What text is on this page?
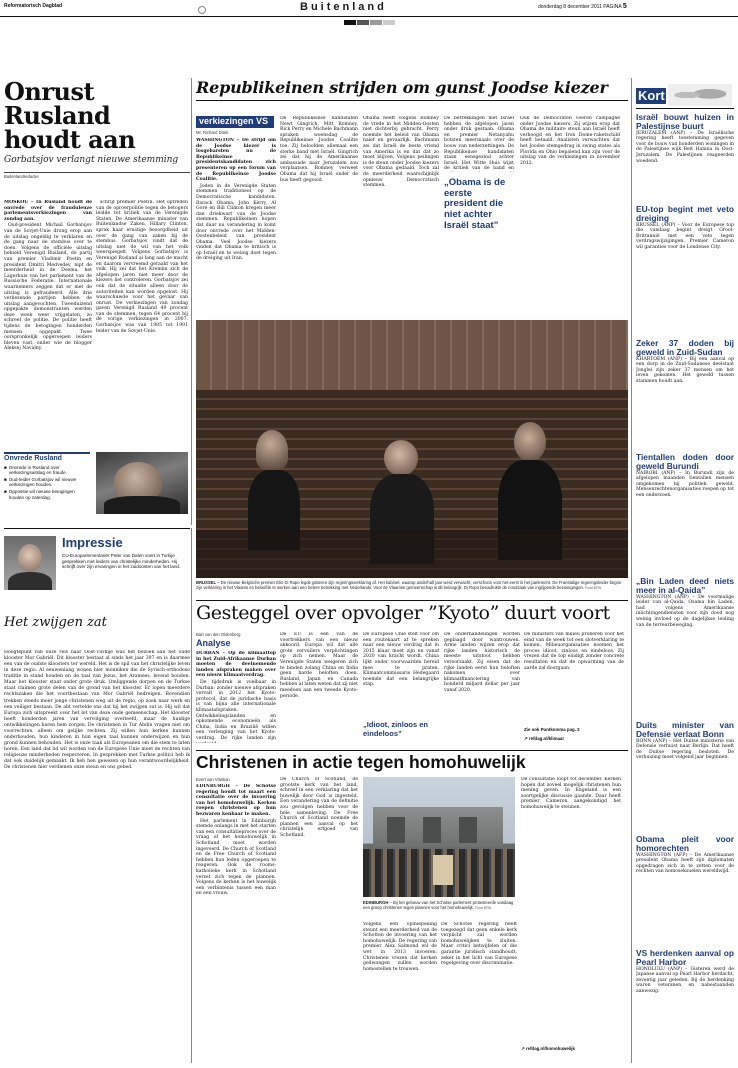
Reformatorisch Dagblad	Buitenland	donderdag 8 december 2011 PAGINA 5
Onrust Rusland houdt aan
Gorbatsjov verlangt nieuwe stemming
Buitenlandredactie

MOSKOU – In Rusland houdt de onvrede over de frauduleuze parlementsverkiezingen van zondag aan.

Oud-president Michail Gorbatsjov van de Sovjet-Unie drong erop aan de uitslag ongeldig te verklaren en de gang naar de stembus over te doen. Volgens de officiële uitslag behield Verenigd Rusland, de partij van premier Vladimir Poetin en president Dmitri Medvedev, nipt de meerderheid in de Doema, het Lagerhuis van het parlement van de Russische Federatie. Internationale waarnemers zeggen dat er met de uitslag is gefraudeerd. Alle drie verliezende partijen hebben de uitslag aangevochten. Tweeduizend opgepakte demonstranten werden deze week weer vrijgelaten, zo schreef de politie. De politie heeft tijdens de betogingen honderden mensen opgepakt. Twee oorspronkelijk opgeroepen leiders bleven vast, onder wie de blogger Aleksej Navalny.

schrijf premier Poetin. Het optreden van de oproerpolitie tegen de betogers leidde tot kritiek van de Verenigde Staten. De Amerikaanse minister van Buitenlandse Zaken, Hillary Clinton, sprak haar ernstige bezorgdheid uit over de gang van zaken bij de stembus. Gorbatsjov vindt dat de uitslag niet de wil van het volk weerspiegelt. Volgens Gorbatsjov is Verenigd Rusland al lang aan de macht en daarom vervreemd geraakt van het volk. Hij zei dat het Kremlin zich de afgelopen jaren niet meer door de kiezers liet controleren. Gorbatsjov zei ook dat de situatie alleen door de autoriteiten kan worden opgelost. Hij waarschuwde voor het gevaar van onrust. De verkiezingen van zondag gaven Verenigd Rusland 49 procent van de stemmen, tegen 64 procent bij de vorige verkiezingen in 2007. Gorbatsjov was van 1985 tot 1991 leider van de Sovjet-Unie.

Onvrede Rusland
■ Onvrede in Rusland over verkiezingsuitslag en fraude.
■ Oud-leider Gorbatsjov wil nieuwe verkiezingen houden.
■ Oppositie wil nieuwe betogingen houden op zaterdag.
Impressie
CU-Europarlementariër Peter van Dalen voert in Turkije gesprekken met leiders van christelijke minderheden. Hij schrijft over zijn ervaringen in het zuidoosten van het land.
Het zwijgen zat

Hoogtepunt van onze reis naar Oost-Turkije was het bezoek aan het oude klooster Mor Gabriël. Dit klooster bestaat al sinds het jaar 397 en is daarmee een van de oudste kloosters ter wereld. Het is de spil van het christelijke leven in deze regio. Al eeuwenlang wonen hier monniken die de Syrisch-orthodoxe traditie in stand houden en de taal van Jezus, het Aramees, levend houden. Maar het klooster staat onder grote druk. Omliggende dorpen en de Turkse staat claimen grote delen van de grond van het klooster. Er lopen meerdere rechtszaken die het voortbestaan van Mor Gabriël bedreigen. Bovendien trekken steeds meer jonge christenen weg uit de regio, op zoek naar werk en een veiliger bestaan. De abt vertelde ons dat hij het zwijgen zat is. Hij wil dat Europa zich uitspreekt over het lot van deze oude gemeenschap. Het klooster heeft honderden jaren van vervolging overleefd, maar de huidige ontwikkelingen baren hem zorgen. De christenen in Tur Abdin vragen niet om voorrechten, alleen om gelijke rechten. Zij willen hun kerken kunnen onderhouden, hun kinderen in hun eigen taal kunnen onderwijzen en hun grond kunnen behouden. Het is onze taak als Europeanen om die stem te laten horen. Een land dat lid wil worden van de Europese Unie moet de rechten van religieuze minderheden respecteren. In gesprekken met Turkse politici heb ik dat ook duidelijk gemaakt. Ik heb hen gewezen op hun verantwoordelijkheid. De christenen hier verdienen onze steun en ons gebed.

Republikeinen strijden om gunst Joodse kiezer
verkiezingen VS
Mr. Richard Donk

WASHINGTON – De strijd om de Joodse kiezer is losgebarsten nu de Republikeinse presidentskandidaten zich presenteren op een forum van de Republikeinse Joodse Coalitie.

Joden in de Verenigde Staten stemmen traditioneel op de Democratische kandidaten. Barack Obama, John Kerry, Al Gore en Bill Clinton kregen meer dan driekwart van de Joodse stemmen. Republikeinen hopen dat daar nu verandering in komt door onvrede over het Midden-Oostenbeleid van president Obama. Veel Joodse kiezers vinden dat Obama te kritisch is op Israël en te weinig doet tegen de dreiging uit Iran.

De Republikeinse kandidaten Newt Gingrich, Mitt Romney, Rick Perry en Michele Bachmann spraken woensdag de Republikeinse Joodse Coalitie toe. Zij beloofden allemaal een sterke band met Israël. Gingrich zei dat hij de Amerikaanse ambassade naar Jeruzalem zou verplaatsen. Romney verweet Obama dat hij Israël onder de bus heeft gegooid.

Obama heeft volgens Romney de vrede in het Midden-Oosten niet dichterbij gebracht. Perry noemde het beleid van Obama naïef en gevaarlijk. Bachmann zei dat Israël de beste vriend van Amerika is en dat dat zo moet blijven. Volgens peilingen is de steun onder Joodse kiezers voor Obama gedaald. Toch zal de meerderheid waarschijnlijk opnieuw Democratisch stemmen.

De betrekkingen met Israël hebben de afgelopen jaren onder druk gestaan. Obama en premier Netanyahu botsten meermaals over de bouw van nederzettingen. De Republikeinse kandidaten staan eensgezind achter Israël. Het Witte Huis wijst de kritiek van de hand en

„Obama is de eerste president die niet achter Israël staat”

Ook de Democraten voeren campagne onder Joodse kiezers. Zij wijzen erop dat Obama de militaire steun aan Israël heeft verhoogd en het Iron Dome-raketschild heeft betaald. Analisten verwachten dat het Joodse stemgedrag in swing states als Florida en Ohio bepalend kan zijn voor de uitslag van de verkiezingen in november 2012.

BRUSSEL – De nieuwe Belgische premier Elio Di Rupo legde gisteren zijn regeringsverklaring af. Het kabinet, waarop anderhalf jaar werd verwacht, verschoon voor het eerst in het parlement. De Franstalige regeringsleider begon zijn verklaring in het Vlaams en beloofde te werken aan een betere betrekking met Nederlands. Voor de Vlaamse gemeenschap is dit belangrijk. Di Rupo benadrukte de noodzaak van ingrijpende bezuinigingen. Foto EPA
Gesteggel over opvolger ”Kyoto” duurt voort
Bart van den Oldenberg
Analyse

DURBAN – Op de klimaattop in het Zuid-Afrikaanse Durban moeten de deelnemende landen afspraken maken over een nieuw klimaatverdrag.

De tijdsdruk is voelbaar in Durban: zonder nieuwe afspraken vervalt in 2012 het Kyoto-protocol, dat de juridische basis is van bijna alle internationale klimaatafspraken. Ontwikkelingslanden en opkomende economieën als China, India en Brazilië willen een verlenging van het Kyoto-verdrag. De rijke landen zijn

De EU is een van de voortrekkers van een nieuw akkoord. Europa wil dat alle grote vervuilers verplichtingen op zich nemen. Maar de Verenigde Staten weigeren zich te binden zolang China en India geen harde beloften doen. Rusland, Japan en Canada hebben al laten weten dat zij niet meedoen aan een tweede Kyoto-periode.

De Europese Unie stelt voor om een routekaart af te spreken naar een nieuw verdrag dat in 2015 klaar moet zijn en vanaf 2020 van kracht wordt. China lijkt onder voorwaarden bereid mee te praten. Klimaatcommissaris Hedegaard noemde dat een belangrijke stap.

„Idioot, zinloos en eindeloos”

De onderhandelingen worden geplaagd door wantrouwen. Arme landen wijzen erop dat rijke landen historisch de meeste uitstoot hebben veroorzaakt. Zij eisen dat de rijke landen eerst hun beloften nakomen over klimaatfinanciering van honderd miljard dollar per jaar vanaf 2020.

De ministers van milieu proberen voor het eind van de week tot een slotverklaring te komen. Milieuorganisaties noemen het proces idioot, zinloos en eindeloos. Zij vrezen dat de top eindigt zonder concrete resultaten en dat de opwarming van de aarde zal doorgaan.

Zie ook Puntkomma pag. 2
↗ refdag.nl/klimaat
Christenen in actie tegen homohuwelijk
Evert van Vlastuin

EDINBURGH – De Schotse regering houdt tot maart een consultatie over de invoering van het homohuwelijk. Kerken roepen christenen op hun bezwaren kenbaar te maken.

Het parlement in Edinburgh stemde onlangs in met het starten van een consultatieproces over de vraag of het homohuwelijk in Schotland moet worden ingevoerd. De Church of Scotland en de Free Church of Scotland hebben hun leden opgeroepen te reageren. Ook de rooms-katholieke kerk in Schotland verzet zich tegen de plannen. Volgens de kerken is het huwelijk een verbintenis tussen een man en een vrouw.

De Church of Scotland, de grootste kerk van het land, schreef in een verklaring dat het huwelijk door God is ingesteld. Een verandering van de definitie zou gevolgen hebben voor de hele samenleving. De Free Church of Scotland noemde de plannen een aanval op het christelijk erfgoed van Schotland.

EDINBURGH – Bij het gebouw van het Schotse parlement protesteerde vandaag een groep christenen tegen plannen voor het homohuwelijk. Foto EPA

Volgens een opiniepeiling steunt een meerderheid van de Schotten de invoering van het homohuwelijk. De regering van premier Alex Salmond wil de wet in 2013 invoeren. Christenen vrezen dat kerken gedwongen zullen worden homostellen te trouwen.

De Schotse regering heeft toegezegd dat geen enkele kerk verplicht zal worden homohuwelijken te sluiten. Maar critici betwijfelen of die garantie juridisch standhoudt, zeker in het licht van Europese regelgeving over discriminatie.

De consultatie loopt tot december. Kerken hopen dat zoveel mogelijk christenen hun mening geven. In Engeland is een soortgelijke discussie gaande. Daar heeft premier Cameron aangekondigd het homohuwelijk te steunen.

↗ refdag.nl/homohuwelijk
Kort
Israël bouwt huizen in Palestijnse buurt

JERUZALEM (ANP) – De Israëlische regering heeft toestemming gegeven voor de bouw van honderden woningen in de Palestijnse wijk Beit Hanina in Oost-Jeruzalem. De Palestijnen reageerden woedend.

EU-top begint met veto dreiging

BRUSSEL (ANP) – Voor de Europese top die vandaag begint dreigt Groot-Brittannië met een veto tegen verdragswijzigingen. Premier Cameron wil garanties voor de Londense City.

Zeker 37 doden bij geweld in Zuid-Sudan

KHARTOEM (ANP) – Bij een aanval op een dorp in de Zuid-Sudanese deelstaat Jonglei zijn zeker 37 mensen om het leven gekomen. Het geweld tussen stammen houdt aan.

Tientallen doden door geweld Burundi

NAIROBI (ANP) – In Burundi zijn de afgelopen maanden tientallen mensen omgekomen bij politiek geweld. Mensenrechtenorganisaties roepen op tot een onderzoek.

„Bin Laden deed niets meer in al-Qaida”

WASHINGTON (ANP) – De voormalige leider van al-Qaida, Osama bin Laden, had volgens Amerikaanse inlichtingendiensten voor zijn dood nog weinig invloed op de dagelijkse leiding van de terreurbeweging.

Duits minister van Defensie verlaat Bonn

BONN (ANP) – Het Duitse ministerie van Defensie verhuist naar Berlijn. Dat heeft de Duitse regering besloten. De verhuizing moet volgend jaar beginnen.

Obama pleit voor homorechten

WASHINGTON (AFP) – De Amerikaanse president Obama heeft zijn diplomaten opgedragen zich in te zetten voor de rechten van homoseksuelen wereldwijd.

VS herdenken aanval op Pearl Harbor

HONOLULU (ANP) – Gisteren werd de Japanse aanval op Pearl Harbor herdacht, zeventig jaar geleden. Bij de herdenking waren veteranen en nabestaanden aanwezig.
